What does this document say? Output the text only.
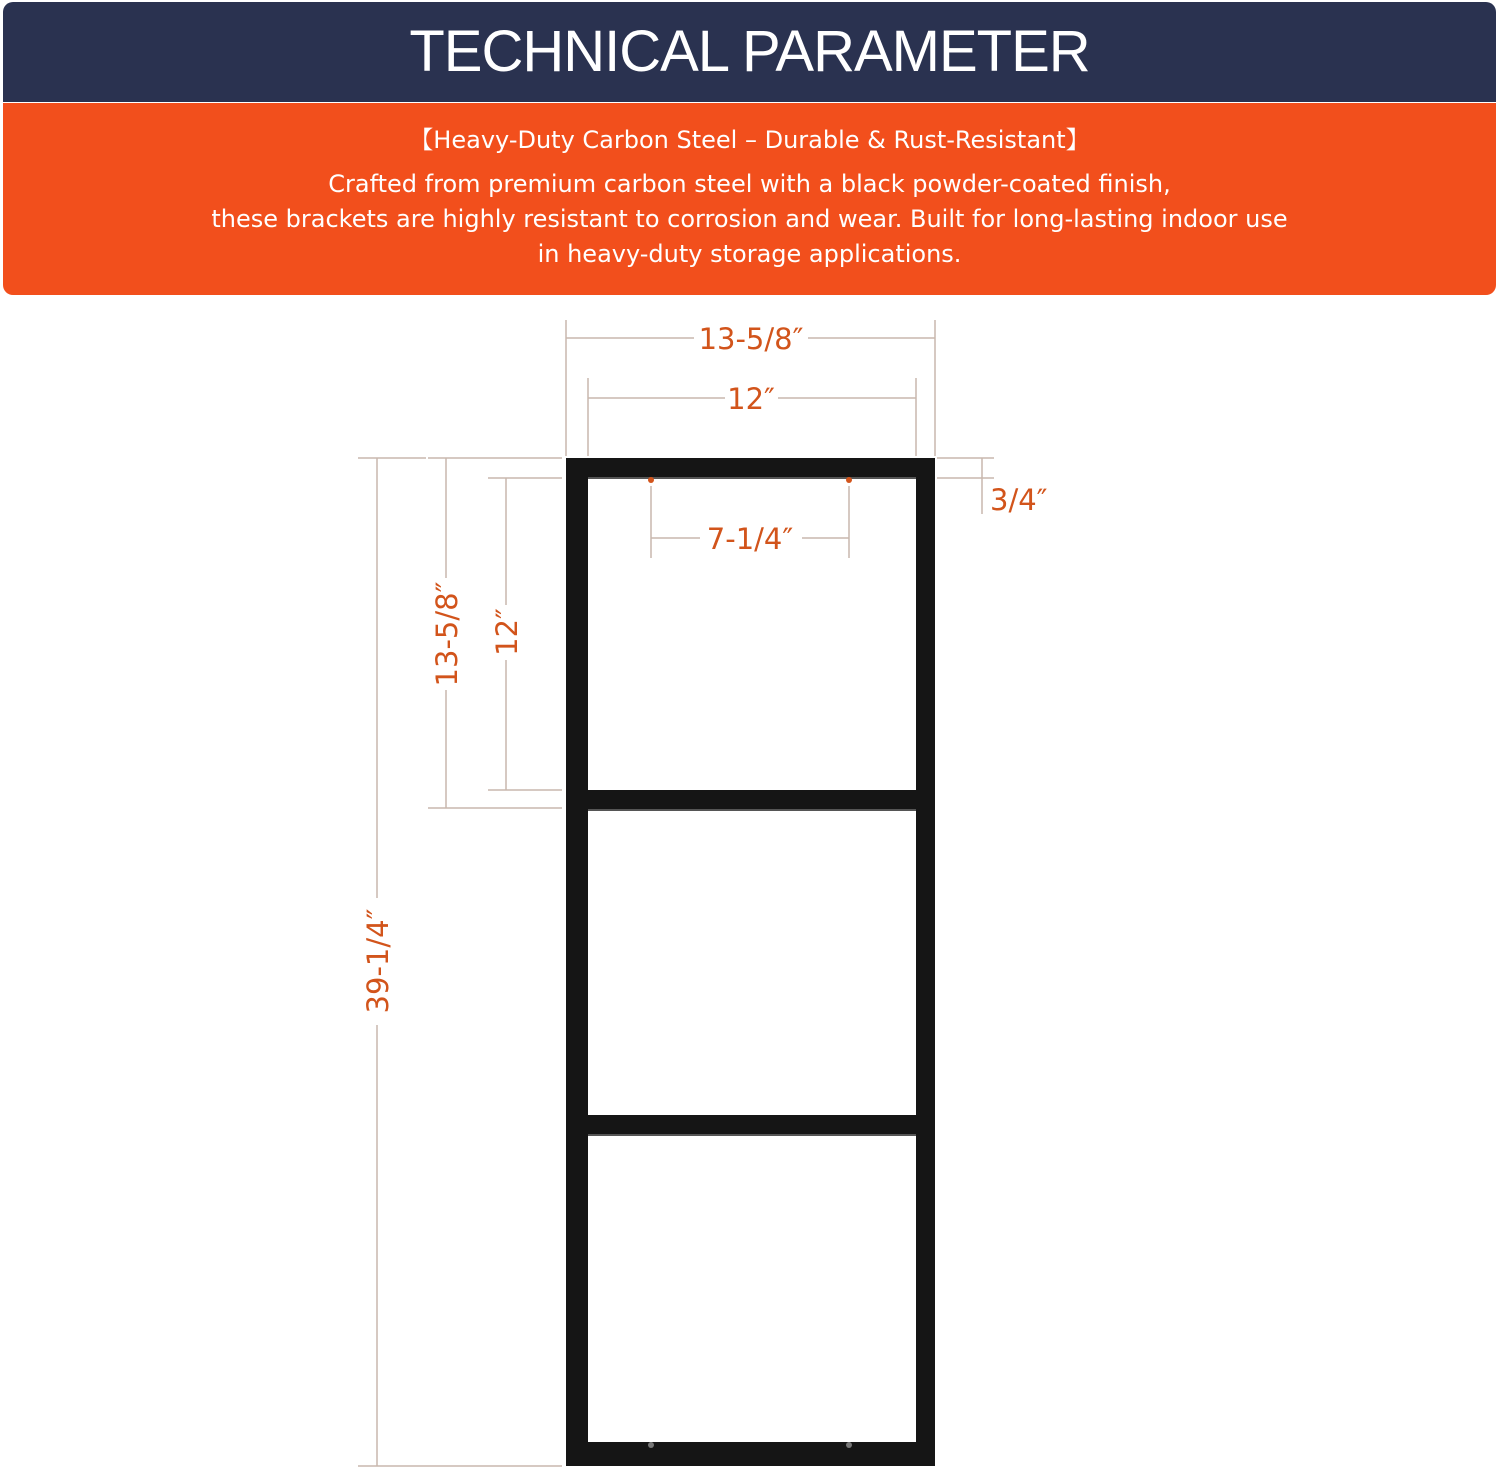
TECHNICAL PARAMETER
【Heavy-Duty Carbon Steel – Durable & Rust-Resistant】
Crafted from premium carbon steel with a black powder-coated finish,
these brackets are highly resistant to corrosion and wear. Built for long-lasting indoor use
in heavy-duty storage applications.
13-5/8″
12″
3/4″
7-1/4″
13-5/8″ 12″
39-1/4″
